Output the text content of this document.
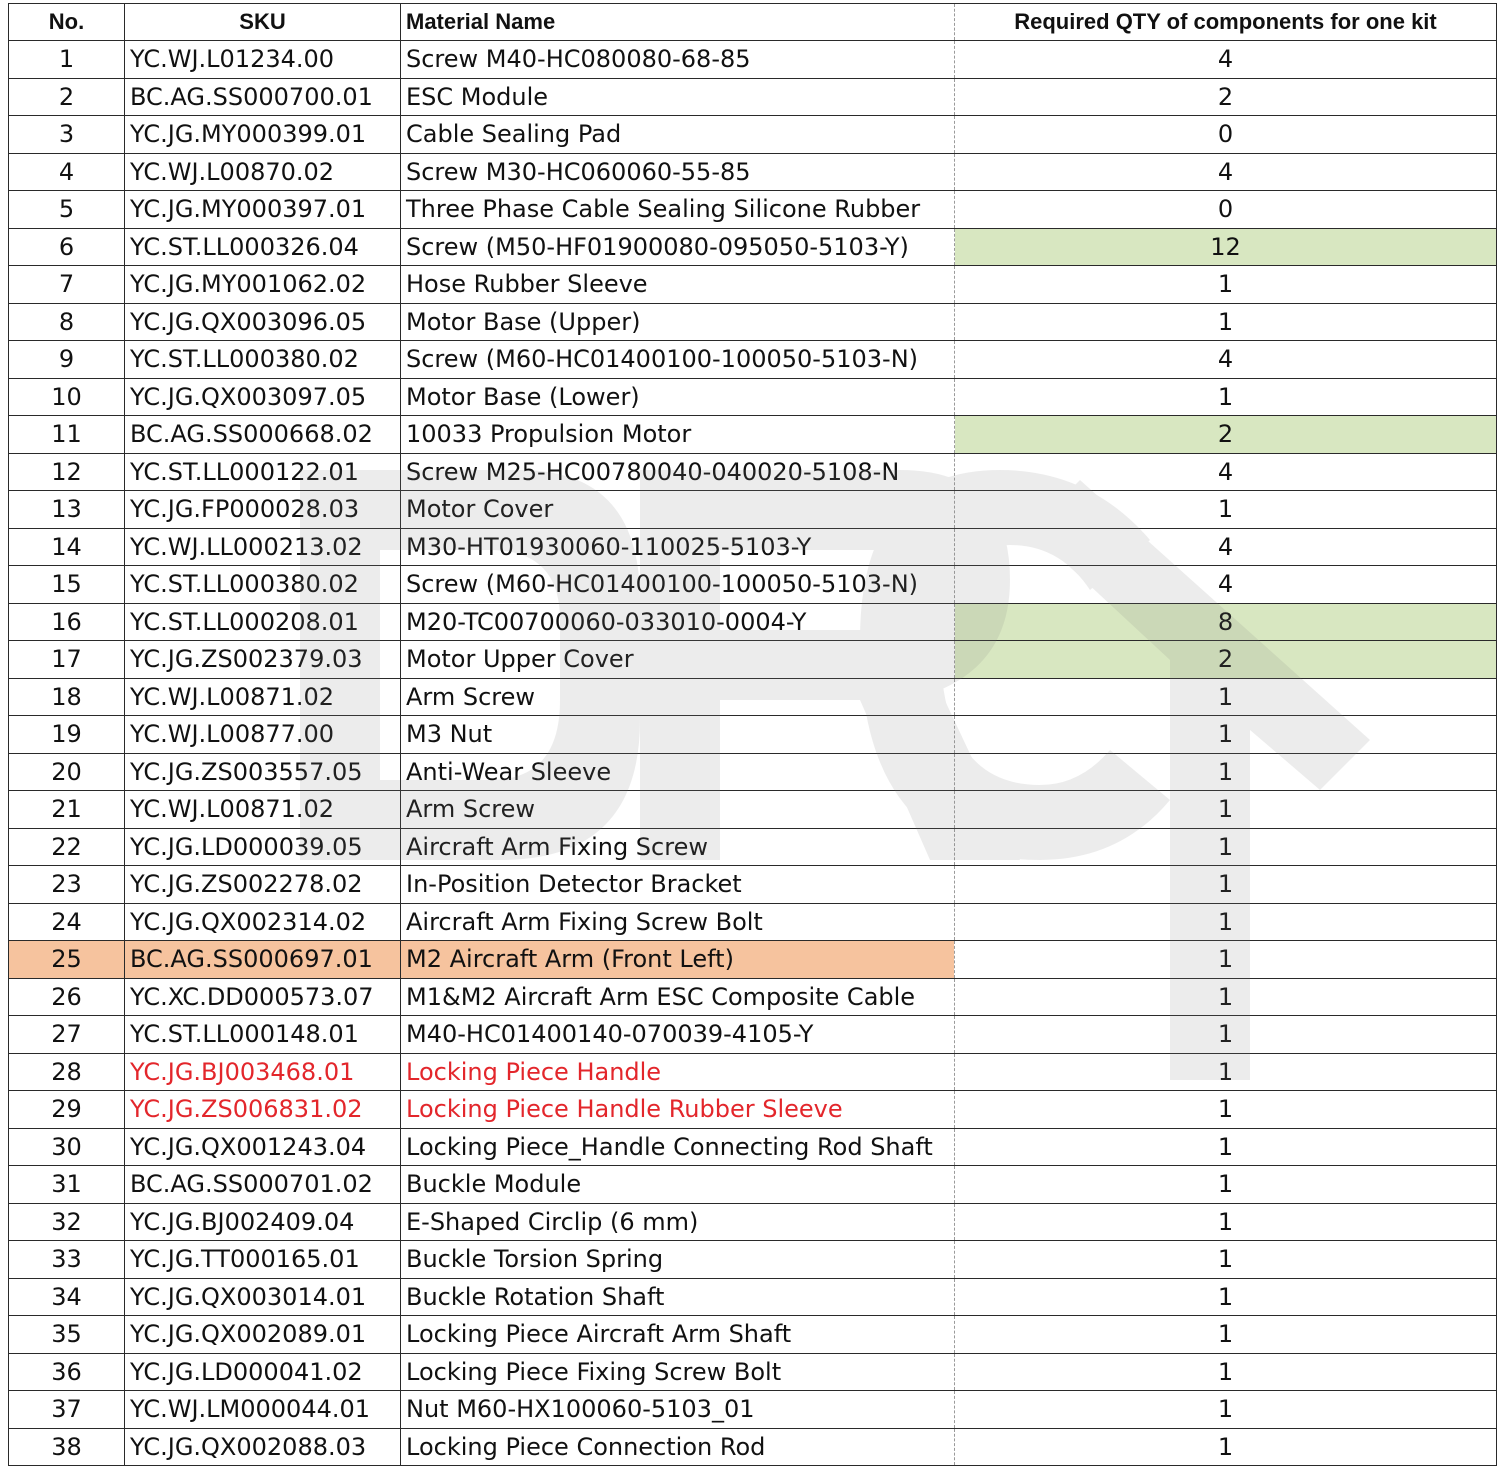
No.	SKU	Material Name	Required QTY of components for one kit
1	YC.WJ.L01234.00	Screw M40-HC080080-68-85	4
2	BC.AG.SS000700.01	ESC Module	2
3	YC.JG.MY000399.01	Cable Sealing Pad	0
4	YC.WJ.L00870.02	Screw M30-HC060060-55-85	4
5	YC.JG.MY000397.01	Three Phase Cable Sealing Silicone Rubber	0
6	YC.ST.LL000326.04	Screw (M50-HF01900080-095050-5103-Y)	12
7	YC.JG.MY001062.02	Hose Rubber Sleeve	1
8	YC.JG.QX003096.05	Motor Base (Upper)	1
9	YC.ST.LL000380.02	Screw (M60-HC01400100-100050-5103-N)	4
10	YC.JG.QX003097.05	Motor Base (Lower)	1
11	BC.AG.SS000668.02	10033 Propulsion Motor	2
12	YC.ST.LL000122.01	Screw M25-HC00780040-040020-5108-N	4
13	YC.JG.FP000028.03	Motor Cover	1
14	YC.WJ.LL000213.02	M30-HT01930060-110025-5103-Y	4
15	YC.ST.LL000380.02	Screw (M60-HC01400100-100050-5103-N)	4
16	YC.ST.LL000208.01	M20-TC00700060-033010-0004-Y	8
17	YC.JG.ZS002379.03	Motor Upper Cover	2
18	YC.WJ.L00871.02	Arm Screw	1
19	YC.WJ.L00877.00	M3 Nut	1
20	YC.JG.ZS003557.05	Anti-Wear Sleeve	1
21	YC.WJ.L00871.02	Arm Screw	1
22	YC.JG.LD000039.05	Aircraft Arm Fixing Screw	1
23	YC.JG.ZS002278.02	In-Position Detector Bracket	1
24	YC.JG.QX002314.02	Aircraft Arm Fixing Screw Bolt	1
25	BC.AG.SS000697.01	M2 Aircraft Arm (Front Left)	1
26	YC.XC.DD000573.07	M1&M2 Aircraft Arm ESC Composite Cable	1
27	YC.ST.LL000148.01	M40-HC01400140-070039-4105-Y	1
28	YC.JG.BJ003468.01	Locking Piece Handle	1
29	YC.JG.ZS006831.02	Locking Piece Handle Rubber Sleeve	1
30	YC.JG.QX001243.04	Locking Piece_Handle Connecting Rod Shaft	1
31	BC.AG.SS000701.02	Buckle Module	1
32	YC.JG.BJ002409.04	E-Shaped Circlip (6 mm)	1
33	YC.JG.TT000165.01	Buckle Torsion Spring	1
34	YC.JG.QX003014.01	Buckle Rotation Shaft	1
35	YC.JG.QX002089.01	Locking Piece Aircraft Arm Shaft	1
36	YC.JG.LD000041.02	Locking Piece Fixing Screw Bolt	1
37	YC.WJ.LM000044.01	Nut M60-HX100060-5103_01	1
38	YC.JG.QX002088.03	Locking Piece Connection Rod	1
